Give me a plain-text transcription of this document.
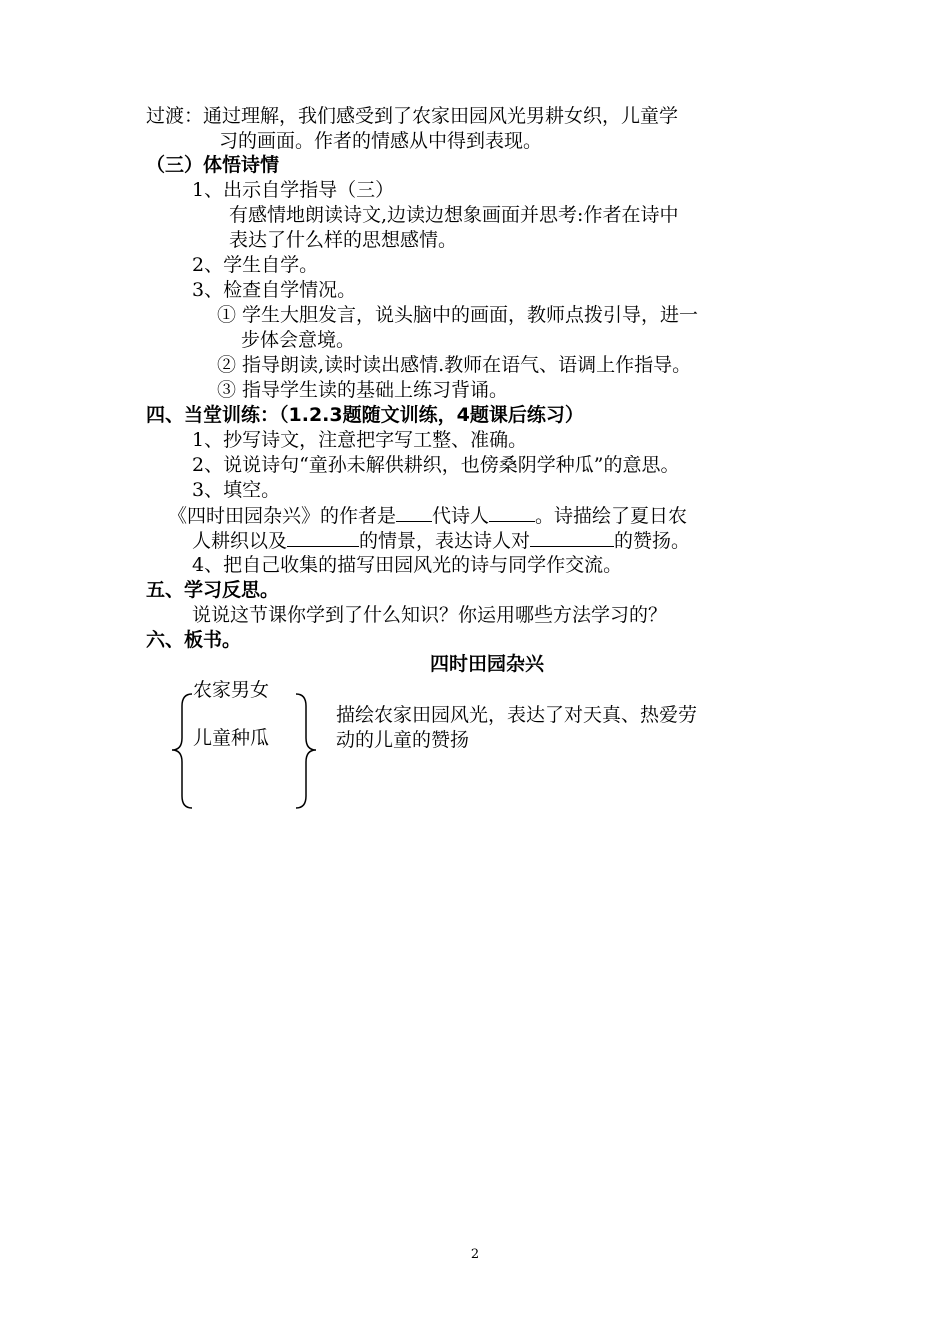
过渡：通过理解，我们感受到了农家田园风光男耕女织，儿童学
习的画面。作者的情感从中得到表现。
（三）体悟诗情
1、出示自学指导（三）
有感情地朗读诗文,边读边想象画面并思考:作者在诗中
表达了什么样的思想感情。
2、学生自学。
3、检查自学情况。
① 学生大胆发言，说头脑中的画面，教师点拨引导，进一
步体会意境。
② 指导朗读,读时读出感情.教师在语气、语调上作指导。
③ 指导学生读的基础上练习背诵。
四、当堂训练：（1.2.3题随文训练，4题课后练习）
1、抄写诗文，注意把字写工整、准确。
2、说说诗句“童孙未解供耕织，也傍桑阴学种瓜”的意思。
3、填空。
《四时田园杂兴》的作者是 代诗人 。诗描绘了夏日农
人耕织以及	的情景，表达诗人对	的赞扬。
4、把自己收集的描写田园风光的诗与同学作交流。
五、学习反思。
说说这节课你学到了什么知识？你运用哪些方法学习的？
六、板书。
四时田园杂兴
农家男女
儿童种瓜
描绘农家田园风光，表达了对天真、热爱劳
动的儿童的赞扬
2
